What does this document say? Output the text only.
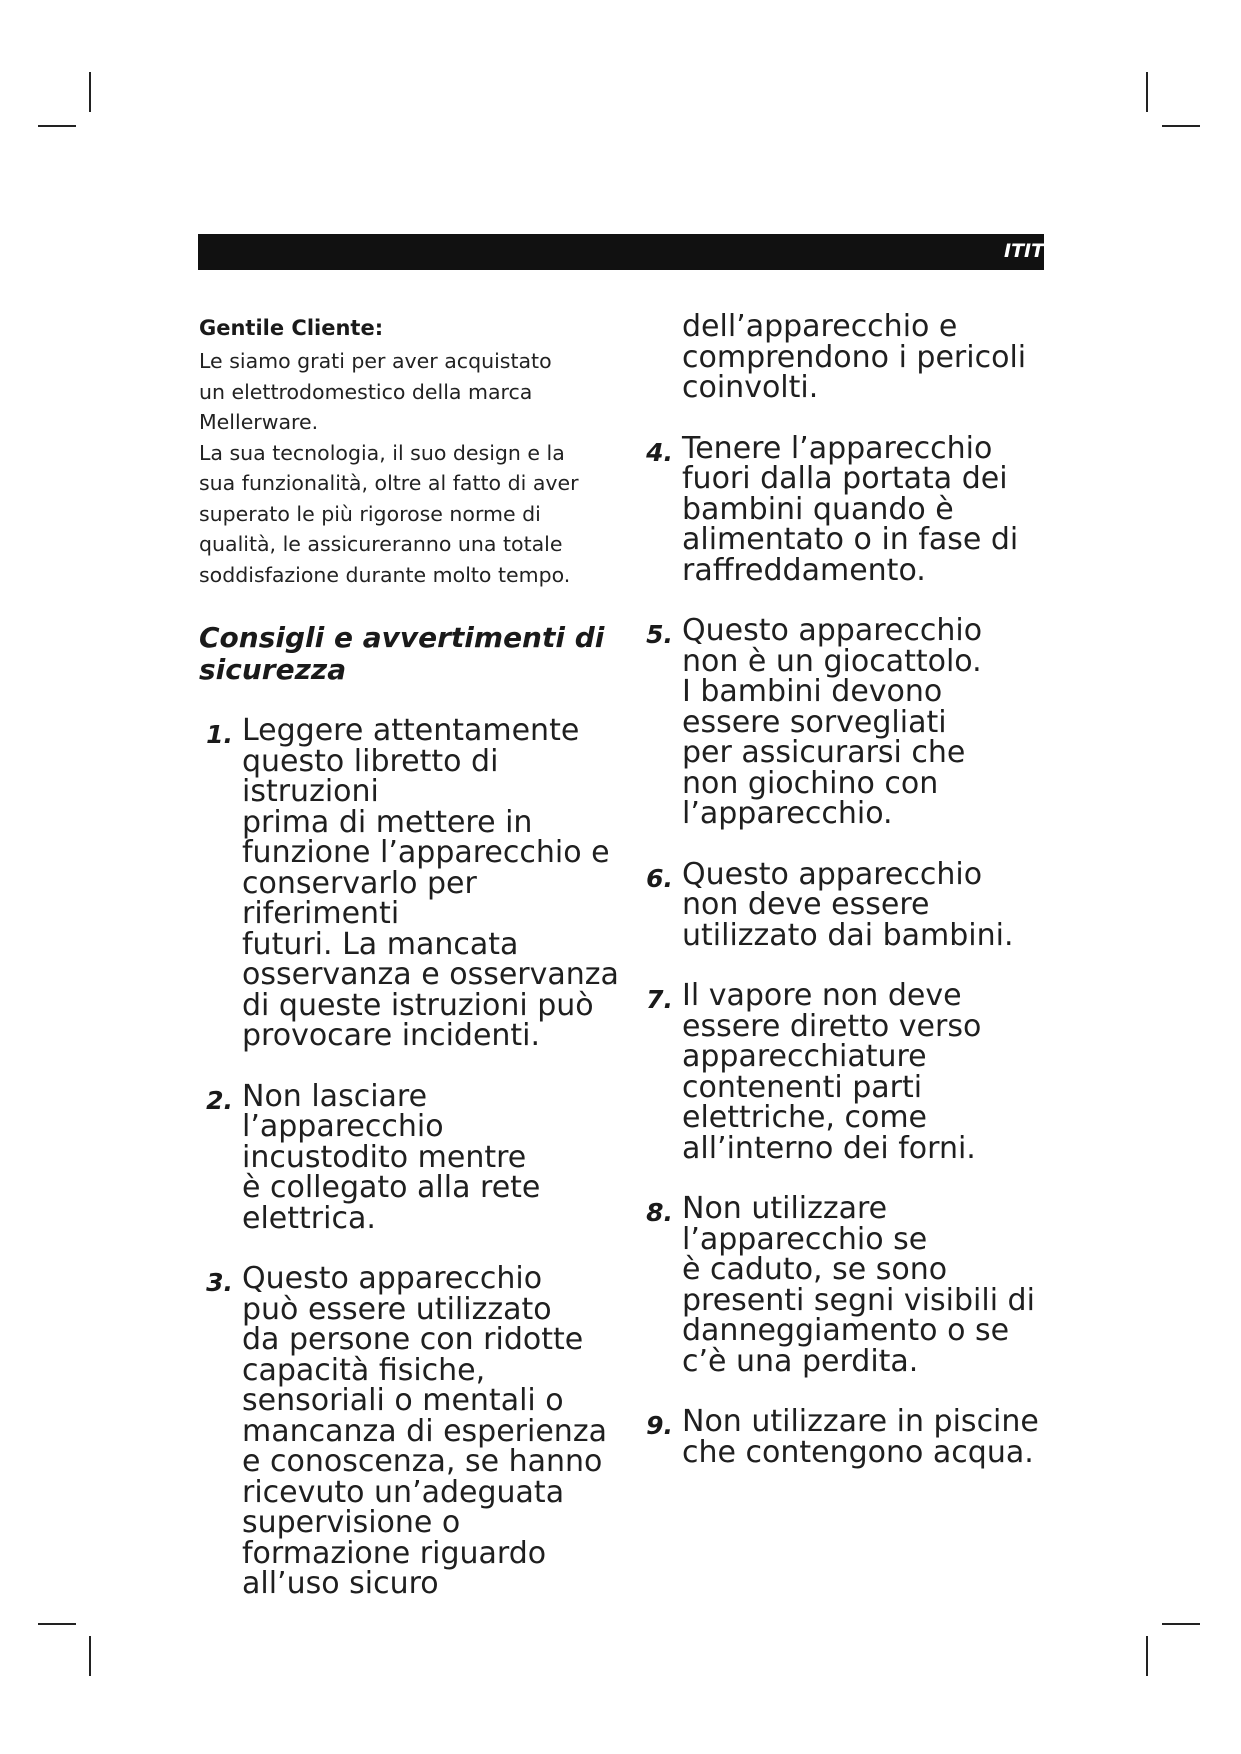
ITIT

Gentile Cliente:

Le siamo grati per aver acquistato
un elettrodomestico della marca
Mellerware.
La sua tecnologia, il suo design e la
sua funzionalità, oltre al fatto di aver
superato le più rigorose norme di
qualità, le assicureranno una totale
soddisfazione durante molto tempo.

Consigli e avvertimenti di
sicurezza
1. Leggere attentamente
questo libretto di istruzioni
prima di mettere in
funzione l’apparecchio e
conservarlo per riferimenti
futuri. La mancata
osservanza e osservanza
di queste istruzioni può
provocare incidenti.

2. Non lasciare
l’apparecchio
incustodito mentre
è collegato alla rete
elettrica.

3. Questo apparecchio
può essere utilizzato
da persone con ridotte
capacità fisiche,
sensoriali o mentali o
mancanza di esperienza
e conoscenza, se hanno
ricevuto un’adeguata
supervisione o
formazione riguardo
all’uso sicuro

dell’apparecchio e
comprendono i pericoli
coinvolti.

4. Tenere l’apparecchio
fuori dalla portata dei
bambini quando è
alimentato o in fase di
raffreddamento.

5. Questo apparecchio
non è un giocattolo.
I bambini devono
essere sorvegliati
per assicurarsi che
non giochino con
l’apparecchio.

6. Questo apparecchio
non deve essere
utilizzato dai bambini.

7. Il vapore non deve
essere diretto verso
apparecchiature
contenenti parti
elettriche, come
all’interno dei forni.

8. Non utilizzare
l’apparecchio se
è caduto, se sono
presenti segni visibili di
danneggiamento o se
c’è una perdita.

9. Non utilizzare in piscine
che contengono acqua.
